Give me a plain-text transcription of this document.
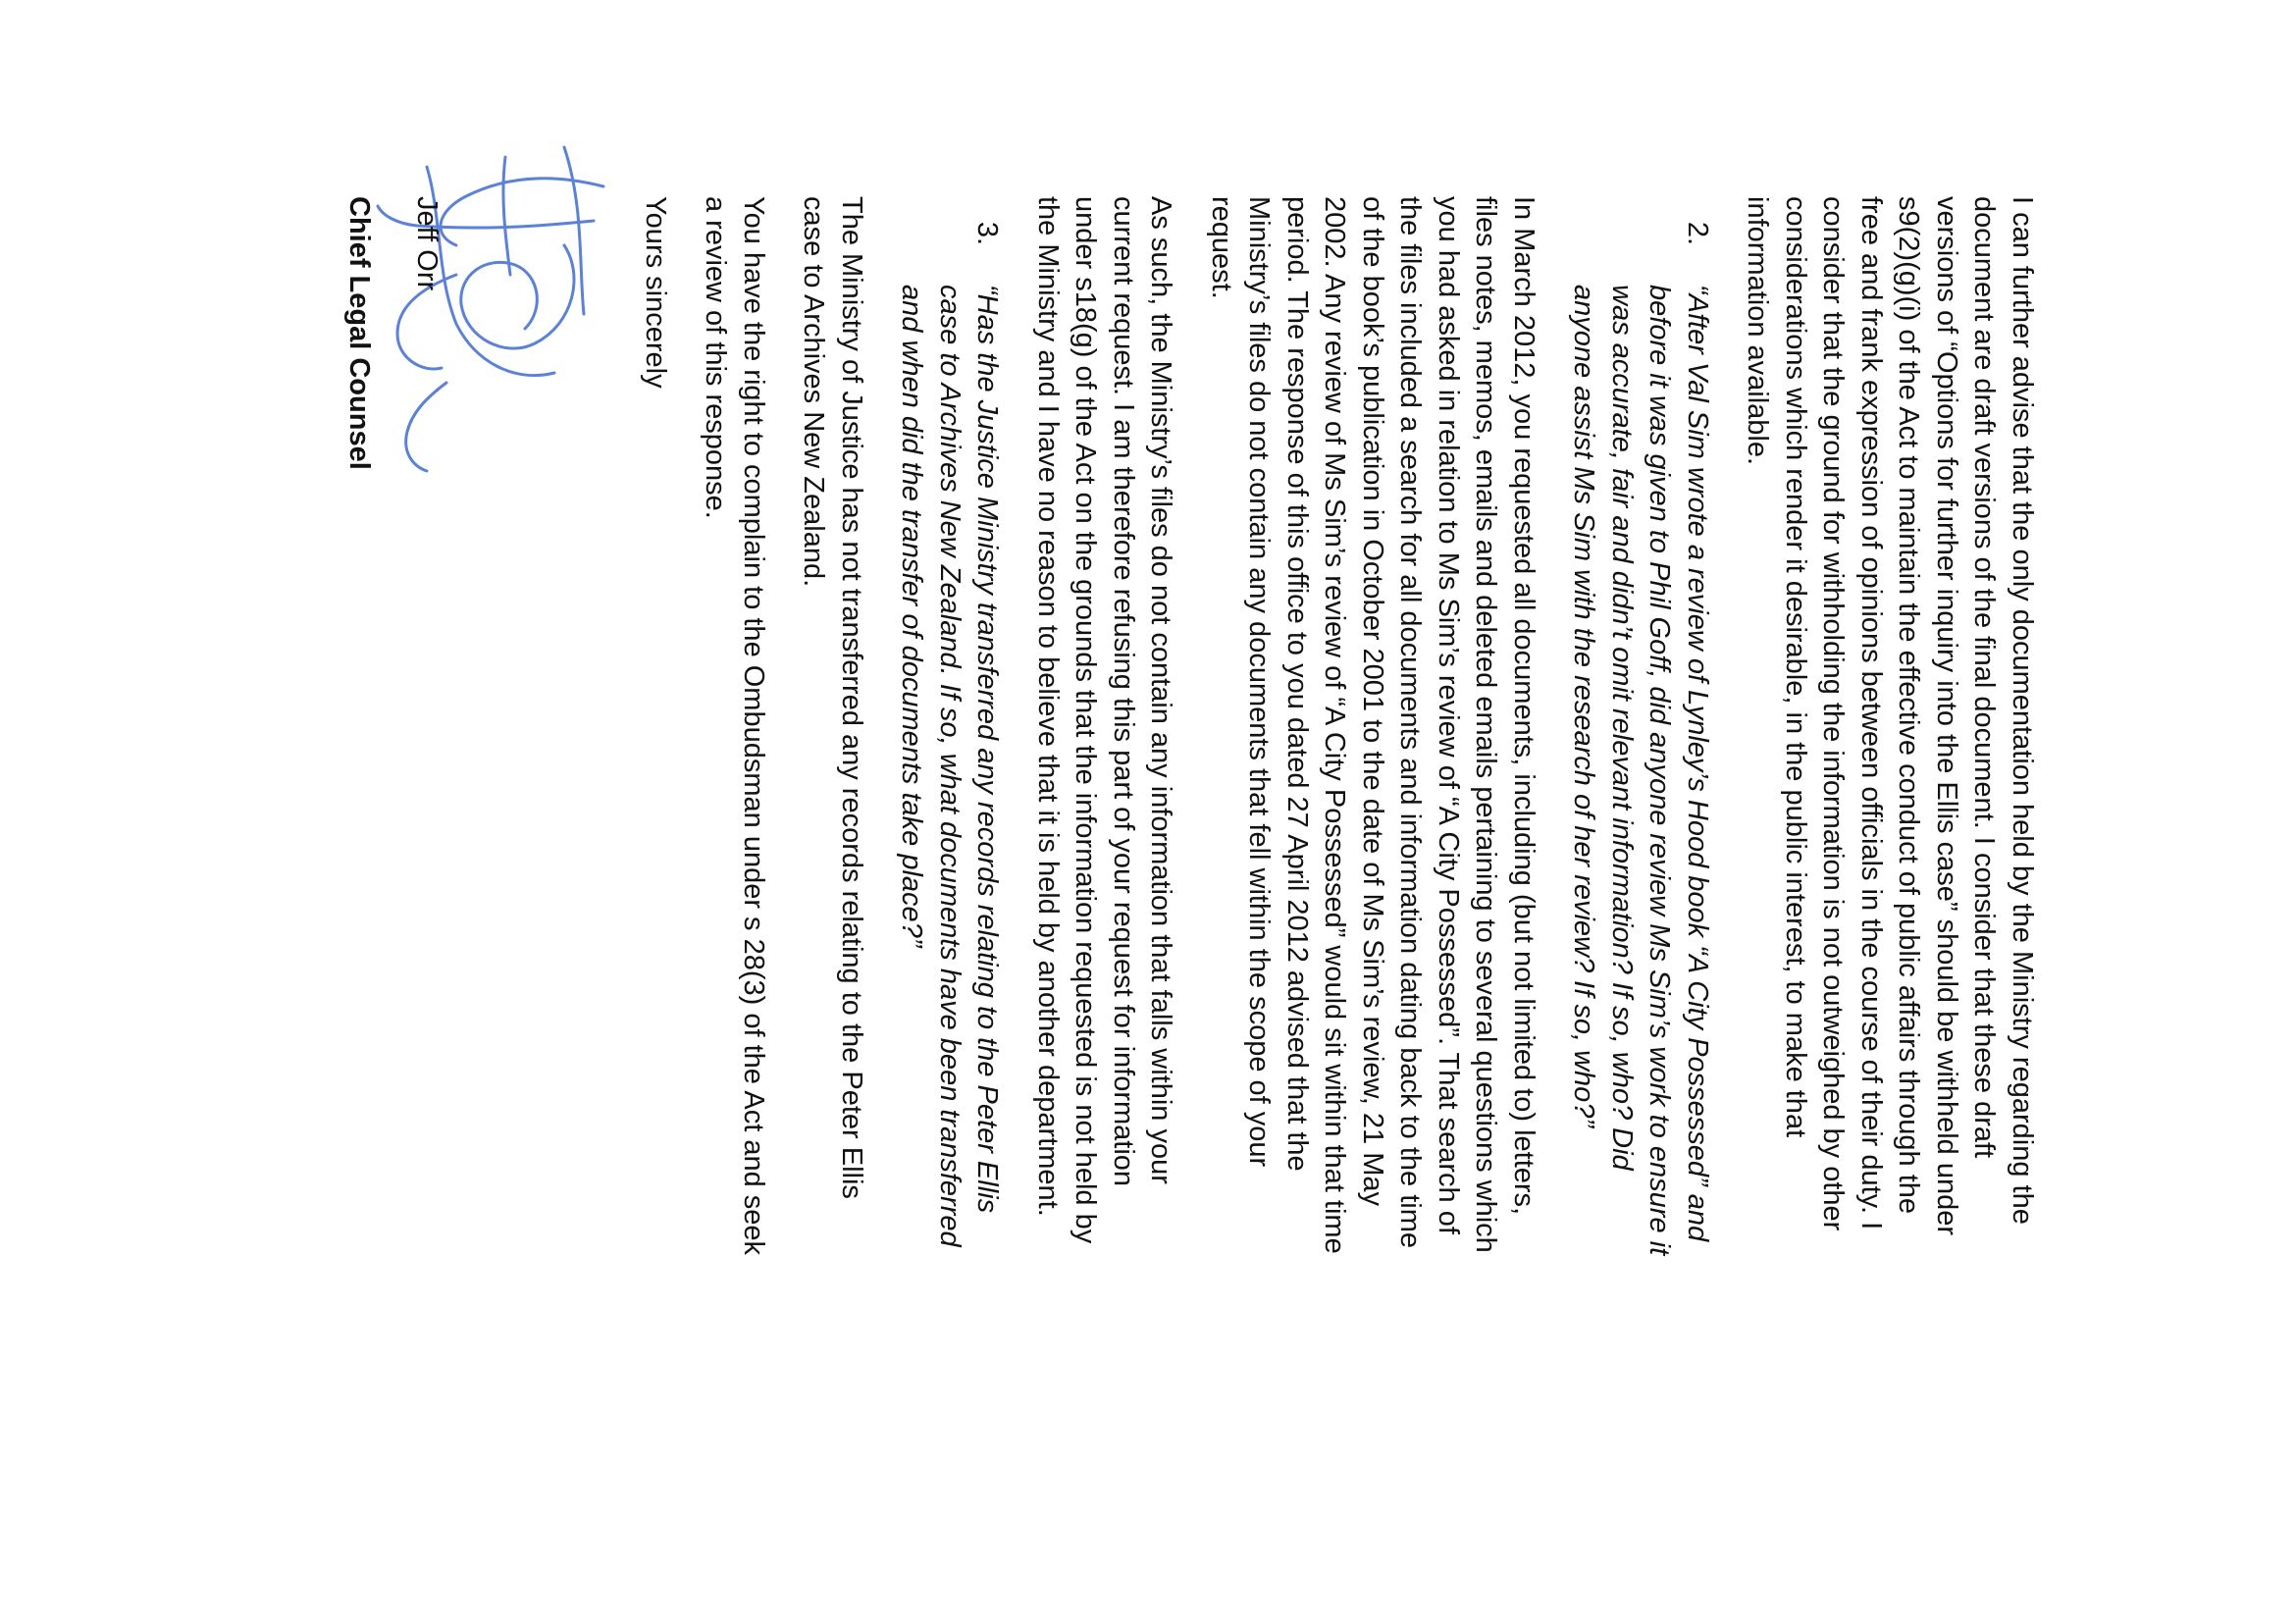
I can further advise that the only documentation held by the Ministry regarding the document are draft versions of the final document. I consider that these draft versions of “Options for further inquiry into the Ellis case” should be withheld under s9(2)(g)(i) of the Act to maintain the effective conduct of public affairs through the free and frank expression of opinions between officials in the course of their duty. I consider that the ground for withholding the information is not outweighed by other considerations which render it desirable, in the public interest, to make that information available.

2.
“After Val Sim wrote a review of Lynley’s Hood book “A City Possessed” and before it was given to Phil Goff, did anyone review Ms Sim’s work to ensure it was accurate, fair and didn’t omit relevant information? If so, who? Did anyone assist Ms Sim with the research of her review? If so, who?”

In March 2012, you requested all documents, including (but not limited to) letters, files notes, memos, emails and deleted emails pertaining to several questions which you had asked in relation to Ms Sim’s review of “A City Possessed”. That search of the files included a search for all documents and information dating back to the time of the book’s publication in October 2001 to the date of Ms Sim’s review, 21 May 2002. Any review of Ms Sim’s review of “A City Possessed” would sit within that time period. The response of this office to you dated 27 April 2012 advised that the Ministry’s files do not contain any documents that fell within the scope of your request.

As such, the Ministry’s files do not contain any information that falls within your current request. I am therefore refusing this part of your request for information under s18(g) of the Act on the grounds that the information requested is not held by the Ministry and I have no reason to believe that it is held by another department.

3.
“Has the Justice Ministry transferred any records relating to the Peter Ellis case to Archives New Zealand. If so, what documents have been transferred and when did the transfer of documents take place?”

The Ministry of Justice has not transferred any records relating to the Peter Ellis case to Archives New Zealand.

You have the right to complain to the Ombudsman under s 28(3) of the Act and seek a review of this response.

Yours sincerely

Jeff Orr

Chief Legal Counsel
